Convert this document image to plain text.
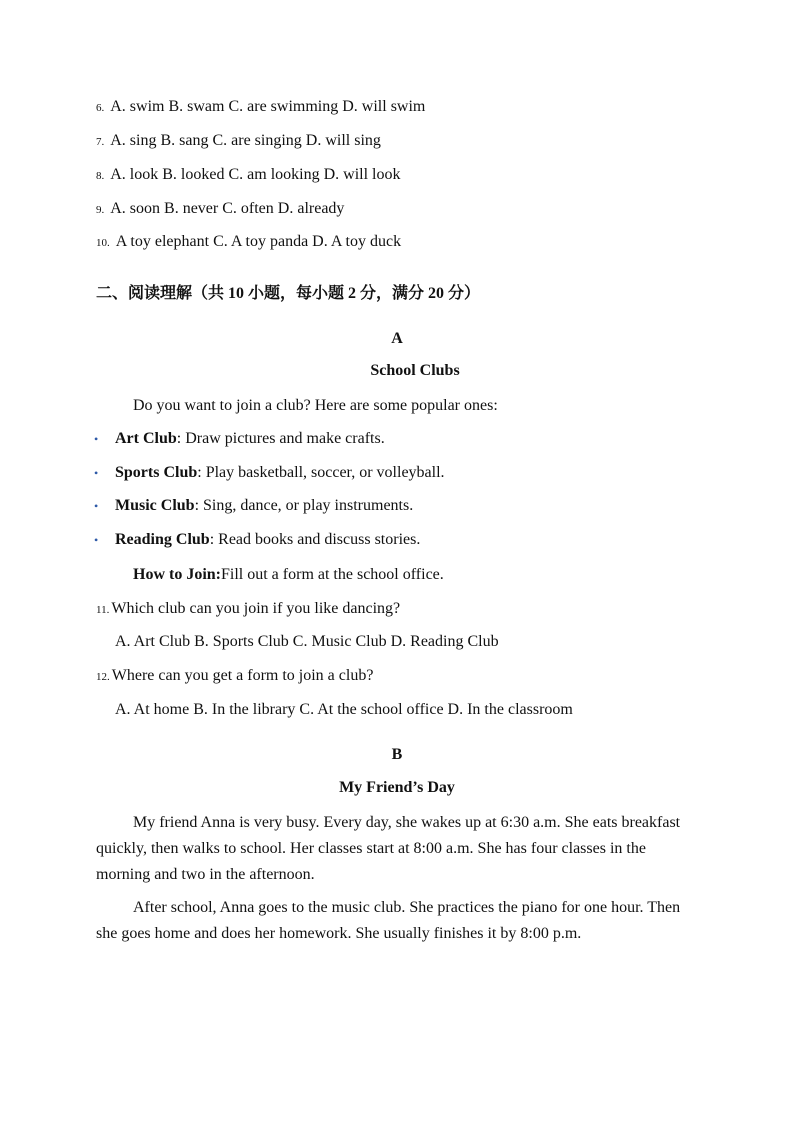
6. A. swim B. swam C. are swimming D. will swim
7. A. sing B. sang C. are singing D. will sing
8. A. look B. looked C. am looking D. will look
9. A. soon B. never C. often D. already
10. A toy elephant C. A toy panda D. A toy duck
二、阅读理解（共 10 小题，每小题 2 分，满分 20 分）
A
School Clubs
Do you want to join a club? Here are some popular ones:
• Art Club: Draw pictures and make crafts.
• Sports Club: Play basketball, soccer, or volleyball.
• Music Club: Sing, dance, or play instruments.
• Reading Club: Read books and discuss stories.
How to Join:Fill out a form at the school office.
11. Which club can you join if you like dancing?
A. Art Club B. Sports Club C. Music Club D. Reading Club
12. Where can you get a form to join a club?
A. At home B. In the library C. At the school office D. In the classroom
B
My Friend’s Day
My friend Anna is very busy. Every day, she wakes up at 6:30 a.m. She eats breakfast quickly, then walks to school. Her classes start at 8:00 a.m. She has four classes in the morning and two in the afternoon.
After school, Anna goes to the music club. She practices the piano for one hour. Then she goes home and does her homework. She usually finishes it by 8:00 p.m.
